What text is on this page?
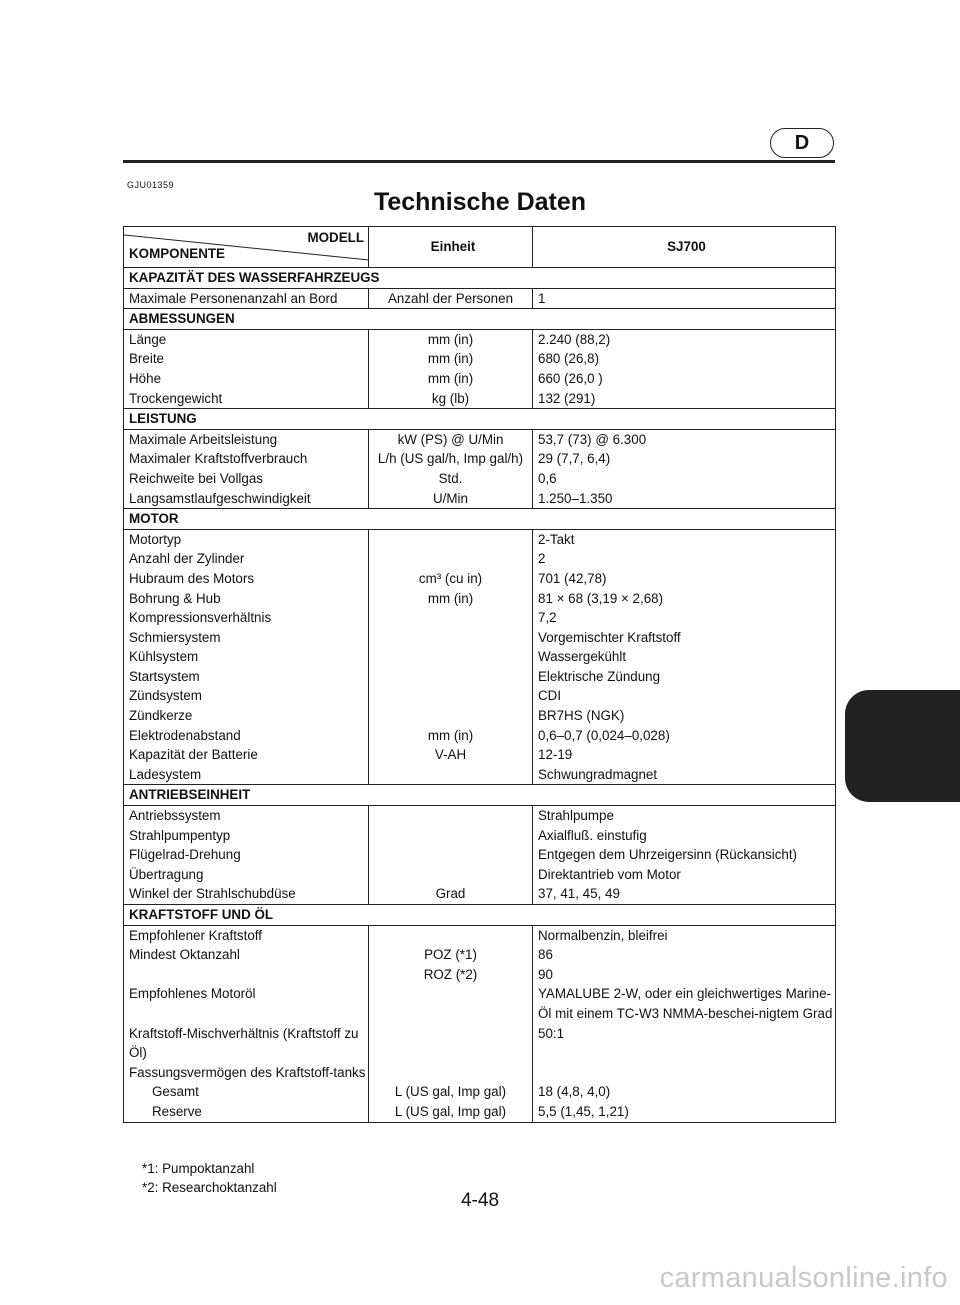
D
GJU01359
Technische Daten
MODELL
KOMPONENTE	Einheit	SJ700
KAPAZITÄT DES WASSERFAHRZEUGS		
Maximale Personenanzahl an Bord	Anzahl der Personen	1
ABMESSUNGEN		
Länge	mm (in)	2.240 (88,2)
Breite	mm (in)	680 (26,8)
Höhe	mm (in)	660 (26,0 )
Trockengewicht	kg (lb)	132 (291)
LEISTUNG		
Maximale Arbeitsleistung	kW (PS) @ U/Min	53,7 (73) @ 6.300
Maximaler Kraftstoffverbrauch	L/h (US gal/h, Imp gal/h)	29 (7,7, 6,4)
Reichweite bei Vollgas	Std.	0,6
Langsamstlaufgeschwindigkeit	U/Min	1.250–1.350
MOTOR		
Motortyp		2-Takt
Anzahl der Zylinder		2
Hubraum des Motors	cm³ (cu in)	701 (42,78)
Bohrung & Hub	mm (in)	81 × 68 (3,19 × 2,68)
Kompressionsverhältnis		7,2
Schmiersystem		Vorgemischter Kraftstoff
Kühlsystem		Wassergekühlt
Startsystem		Elektrische Zündung
Zündsystem		CDI
Zündkerze		BR7HS (NGK)
Elektrodenabstand	mm (in)	0,6–0,7 (0,024–0,028)
Kapazität der Batterie	V-AH	12-19
Ladesystem		Schwungradmagnet
ANTRIEBSEINHEIT		
Antriebssystem		Strahlpumpe
Strahlpumpentyp		Axialfluß. einstufig
Flügelrad-Drehung		Entgegen dem Uhrzeigersinn (Rückansicht)
Übertragung		Direktantrieb vom Motor
Winkel der Strahlschubdüse	Grad	37, 41, 45, 49
KRAFTSTOFF UND ÖL		
Empfohlener Kraftstoff		Normalbenzin, bleifrei
Mindest Oktanzahl	POZ (*1)	86
	ROZ (*2)	90
Empfohlenes Motoröl		YAMALUBE 2-W, oder ein gleichwertiges Marine-Öl mit einem TC-W3 NMMA-beschei-nigtem Grad
Kraftstoff-Mischverhältnis (Kraftstoff zu Öl)		50:1
Fassungsvermögen des Kraftstoff-tanks		
Gesamt	L (US gal, Imp gal)	18 (4,8, 4,0)
Reserve	L (US gal, Imp gal)	5,5 (1,45, 1,21)
*1: Pumpoktanzahl
*2: Researchoktanzahl
4-48
carmanualsonline.info
